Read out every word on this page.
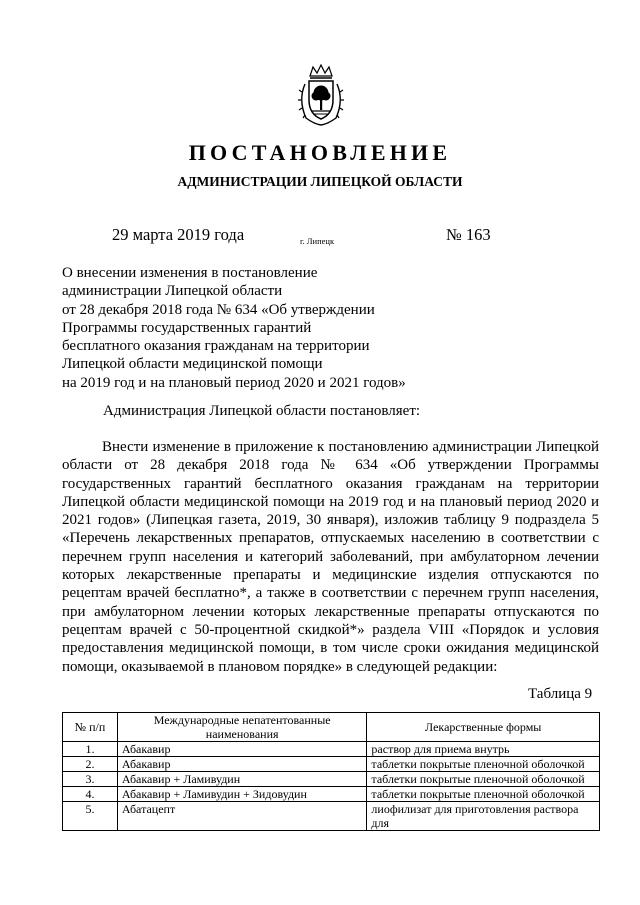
ПОСТАНОВЛЕНИЕ
АДМИНИСТРАЦИИ ЛИПЕЦКОЙ ОБЛАСТИ
29 марта 2019 года	г. Липецк	№ 163
О внесении изменения в постановление
администрации Липецкой области
от 28 декабря 2018 года № 634 «Об утверждении
Программы государственных гарантий
бесплатного оказания гражданам на территории
Липецкой области медицинской помощи
на 2019 год и на плановый период 2020 и 2021 годов»
Администрация Липецкой области постановляет:

Внести изменение в приложение к постановлению администрации Липецкой области от 28 декабря 2018 года № 634 «Об утверждении Программы государственных гарантий бесплатного оказания гражданам на территории Липецкой области медицинской помощи на 2019 год и на плановый период 2020 и 2021 годов» (Липецкая газета, 2019, 30 января), изложив таблицу 9 подраздела 5 «Перечень лекарственных препаратов, отпускаемых населению в соответствии с перечнем групп населения и категорий заболеваний, при амбулаторном лечении которых лекарственные препараты и медицинские изделия отпускаются по рецептам врачей бесплатно*, а также в соответствии с перечнем групп населения, при амбулаторном лечении которых лекарственные препараты отпускаются по рецептам врачей с 50-процентной скидкой*» раздела VIII «Порядок и условия предоставления медицинской помощи, в том числе сроки ожидания медицинской помощи, оказываемой в плановом порядке» в следующей редакции:

Таблица 9
№ п/п	Международные непатентованные наименования	Лекарственные формы
1.	Абакавир	раствор для приема внутрь
2.	Абакавир	таблетки покрытые пленочной оболочкой
3.	Абакавир + Ламивудин	таблетки покрытые пленочной оболочкой
4.	Абакавир + Ламивудин + Зидовудин	таблетки покрытые пленочной оболочкой
5.	Абатацепт	лиофилизат для приготовления раствора для
